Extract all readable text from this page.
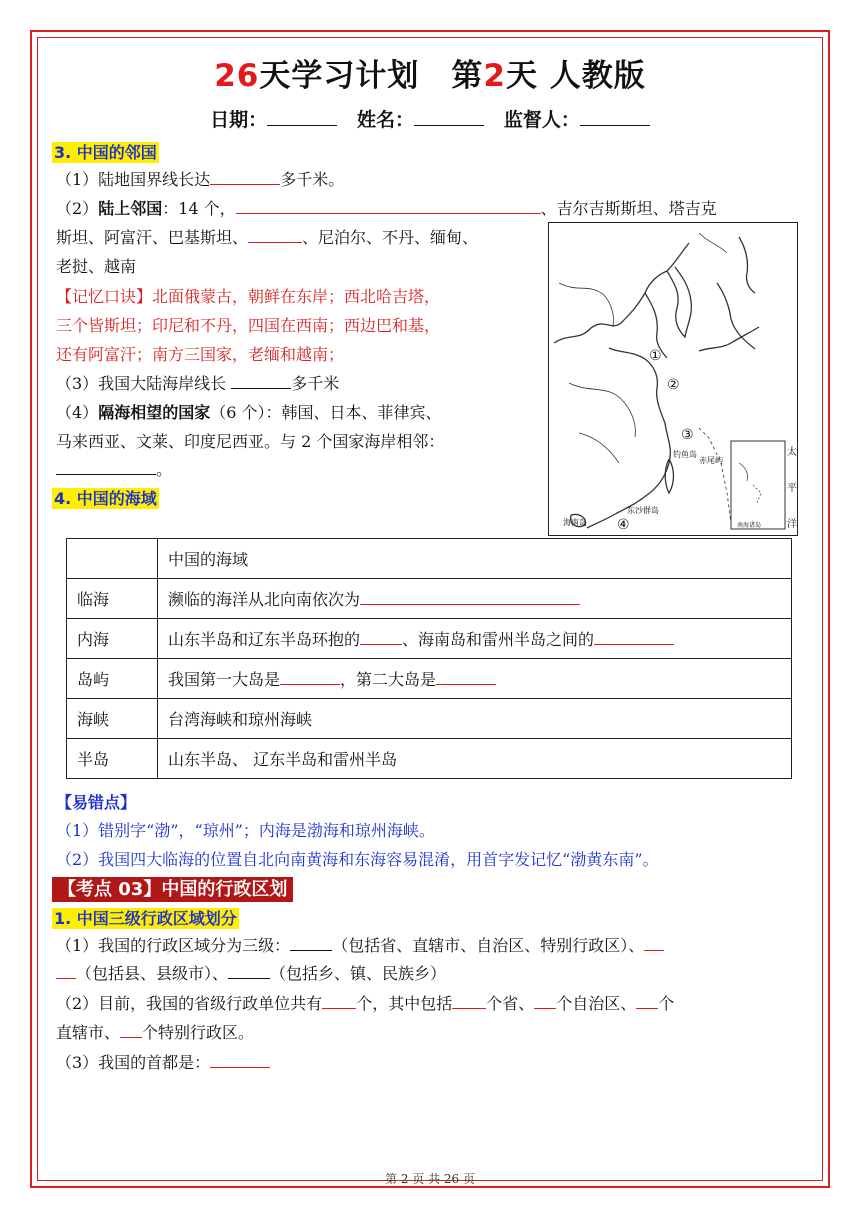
26天学习计划　第2天 人教版
日期：	姓名：	监督人：
3. 中国的邻国
（1）陆地国界线长达	多千米。
（2）陆上邻国：14 个，	、吉尔吉斯斯坦、塔吉克
斯坦、阿富汗、巴基斯坦、	、尼泊尔、不丹、缅甸、
老挝、越南
【记忆口诀】北面俄蒙古，朝鲜在东岸；西北哈吉塔，
三个皆斯坦；印尼和不丹，四国在西南；西边巴和基，
还有阿富汗；南方三国家，老缅和越南；
（3）我国大陆海岸线长	多千米
（4）隔海相望的国家（6 个）：韩国、日本、菲律宾、
马来西亚、文莱、印度尼西亚。与 2 个国家海岸相邻：
。
①
②
③
④
钓鱼岛
赤尾屿
东沙群岛
海南岛	南海诸岛
太
平
洋
4. 中国的海域
	中国的海域
临海	濒临的海洋从北向南依次为
内海	山东半岛和辽东半岛环抱的 、海南岛和雷州半岛之间的
岛屿	我国第一大岛是 ，第二大岛是
海峡	台湾海峡和琼州海峡
半岛	山东半岛、 辽东半岛和雷州半岛
【易错点】
（1）错别字“渤”，“琼州”；内海是渤海和琼州海峡。
（2）我国四大临海的位置自北向南黄海和东海容易混淆，用首字发记忆“渤黄东南”。
【考点 03】中国的行政区划
1. 中国三级行政区域划分
（1）我国的行政区域分为三级：	（包括省、直辖市、自治区、特别行政区）、
（包括县、县级市）、	（包括乡、镇、民族乡）
（2）目前，我国的省级行政单位共有 个，其中包括 个省、 个自治区、 个
直辖市、 个特别行政区。
（3）我国的首都是：
第 2 页 共 26 页
